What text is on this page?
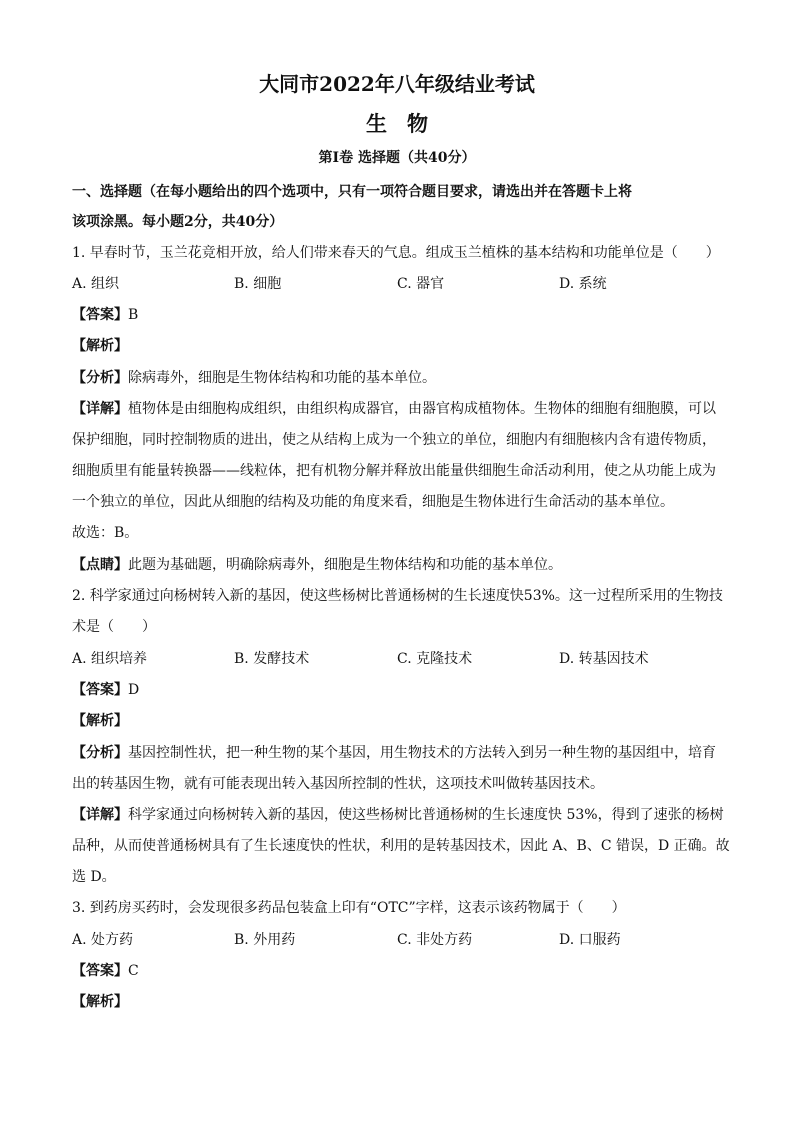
大同市2022年八年级结业考试
生物
第Ⅰ卷 选择题（共40分）
一、选择题（在每小题给出的四个选项中，只有一项符合题目要求，请选出并在答题卡上将
该项涂黑。每小题2分，共40分）
1. 早春时节，玉兰花竞相开放，给人们带来春天的气息。组成玉兰植株的基本结构和功能单位是（　　）
A. 组织	B. 细胞	C. 器官	D. 系统
【答案】B
【解析】
【分析】除病毒外，细胞是生物体结构和功能的基本单位。
【详解】植物体是由细胞构成组织，由组织构成器官，由器官构成植物体。生物体的细胞有细胞膜，可以
保护细胞，同时控制物质的进出，使之从结构上成为一个独立的单位，细胞内有细胞核内含有遗传物质，
细胞质里有能量转换器——线粒体，把有机物分解并释放出能量供细胞生命活动利用，使之从功能上成为
一个独立的单位，因此从细胞的结构及功能的角度来看，细胞是生物体进行生命活动的基本单位。
故选：B。
【点睛】此题为基础题，明确除病毒外，细胞是生物体结构和功能的基本单位。
2. 科学家通过向杨树转入新的基因，使这些杨树比普通杨树的生长速度快53%。这一过程所采用的生物技
术是（　　）
A. 组织培养	B. 发酵技术	C. 克隆技术	D. 转基因技术
【答案】D
【解析】
【分析】基因控制性状，把一种生物的某个基因，用生物技术的方法转入到另一种生物的基因组中，培育
出的转基因生物，就有可能表现出转入基因所控制的性状，这项技术叫做转基因技术。
【详解】科学家通过向杨树转入新的基因，使这些杨树比普通杨树的生长速度快 53%，得到了速张的杨树
品种，从而使普通杨树具有了生长速度快的性状，利用的是转基因技术，因此 A、B、C 错误，D 正确。故
选 D。
3. 到药房买药时，会发现很多药品包装盒上印有“OTC”字样，这表示该药物属于（　　）
A. 处方药	B. 外用药	C. 非处方药	D. 口服药
【答案】C
【解析】
